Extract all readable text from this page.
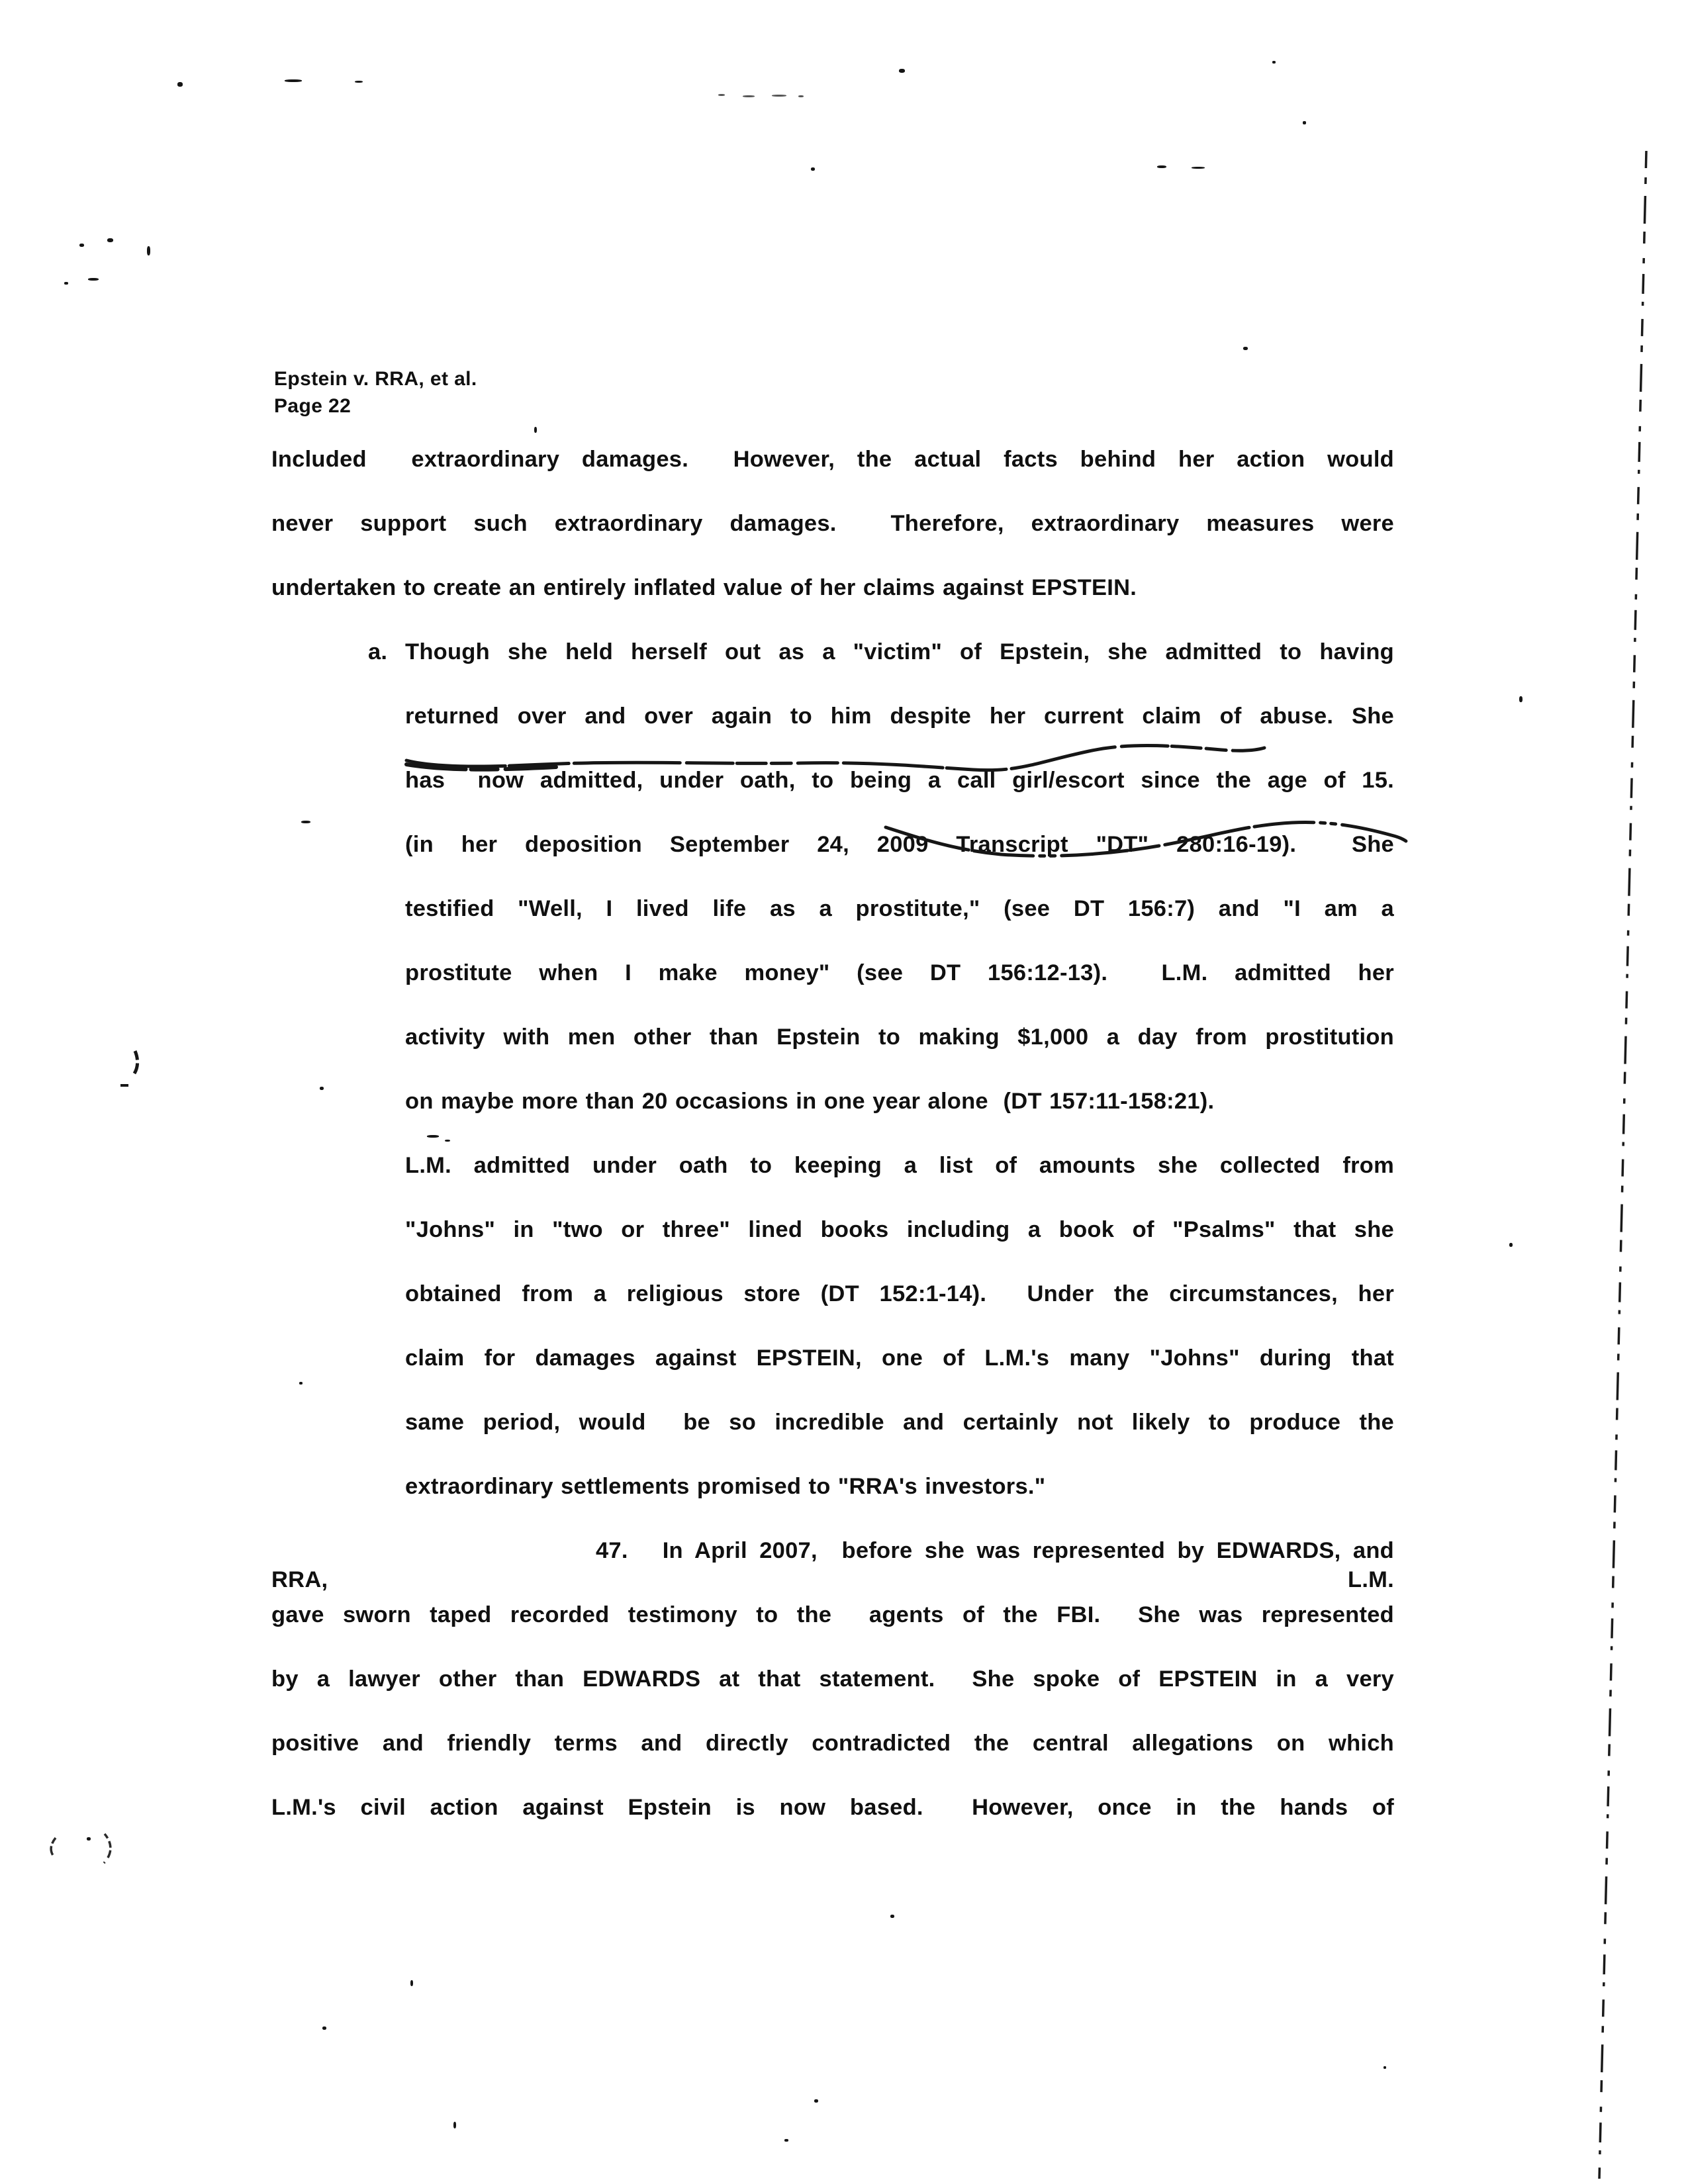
Epstein v. RRA, et al.
Page 22
Included  extraordinary damages.  However, the actual facts behind her action would
never support such extraordinary damages.  Therefore, extraordinary measures were
undertaken to create an entirely inflated value of her claims against EPSTEIN.
a. Though she held herself out as a "victim" of Epstein, she admitted to having
returned over and over again to him despite her current claim of abuse. She
has  now admitted, under oath, to being a call girl/escort since the age of 15.
(in her deposition September 24, 2009 Transcript "DT" 280:16-19).  She
testified "Well, I lived life as a prostitute," (see DT 156:7) and "I am a
prostitute when I make money" (see DT 156:12-13).  L.M. admitted her
activity with men other than Epstein to making $1,000 a day from prostitution
on maybe more than 20 occasions in one year alone  (DT 157:11-158:21).
L.M. admitted under oath to keeping a list of amounts she collected from
"Johns" in "two or three" lined books including a book of "Psalms" that she
obtained from a religious store (DT 152:1-14).  Under the circumstances, her
claim for damages against EPSTEIN, one of L.M.'s many "Johns" during that
same period, would  be so incredible and certainly not likely to produce the
extraordinary settlements promised to "RRA's investors."
47. In April 2007,  before she was represented by EDWARDS, and RRA, L.M.
gave sworn taped recorded testimony to the  agents of the FBI.  She was represented
by a lawyer other than EDWARDS at that statement.  She spoke of EPSTEIN in a very
positive and friendly terms and directly contradicted the central allegations on which
L.M.'s civil action against Epstein is now based.  However, once in the hands of
